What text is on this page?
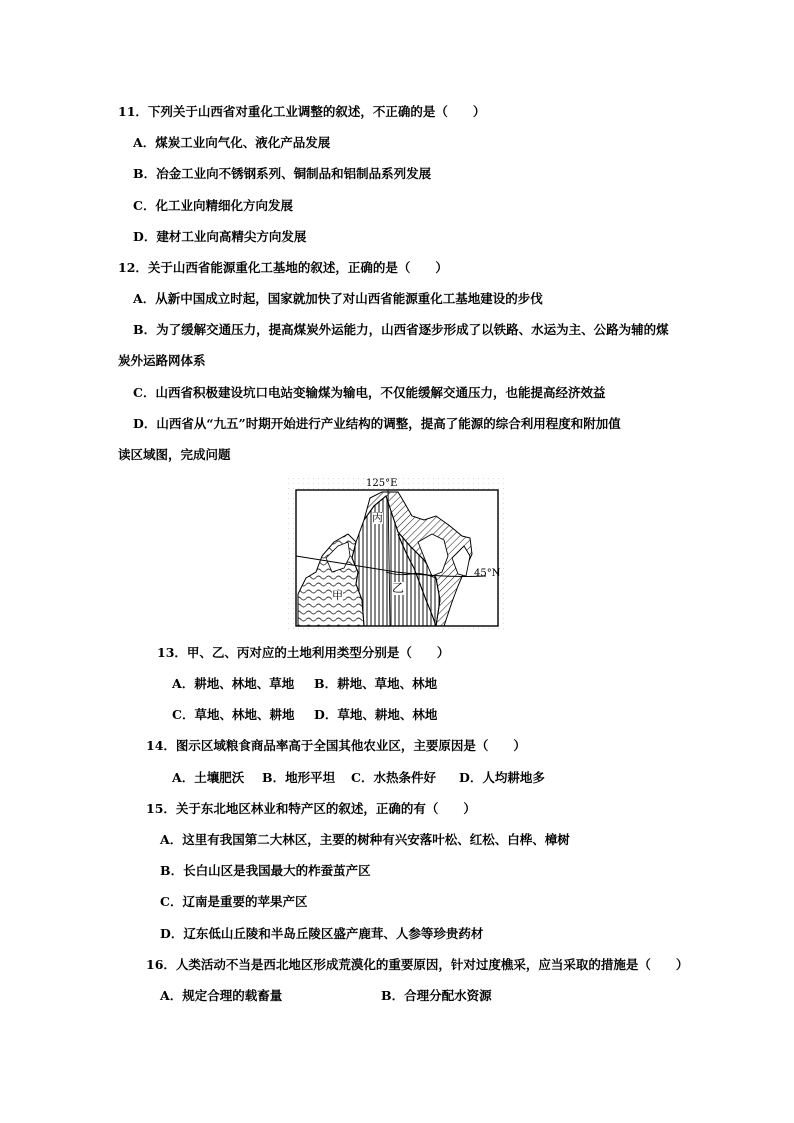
11．下列关于山西省对重化工业调整的叙述，不正确的是（　　）
A．煤炭工业向气化、液化产品发展
B．冶金工业向不锈钢系列、铜制品和铝制品系列发展
C．化工业向精细化方向发展
D．建材工业向高精尖方向发展
12．关于山西省能源重化工基地的叙述，正确的是（　　）
A．从新中国成立时起，国家就加快了对山西省能源重化工基地建设的步伐
B．为了缓解交通压力，提高煤炭外运能力，山西省逐步形成了以铁路、水运为主、公路为辅的煤
炭外运路网体系
C．山西省积极建设坑口电站变输煤为输电，不仅能缓解交通压力，也能提高经济效益
D．山西省从“九五”时期开始进行产业结构的调整，提高了能源的综合利用程度和附加值
读区域图，完成问题
125°E
45°N
丙
甲
乙
13．甲、乙、丙对应的土地利用类型分别是（　　）
A．耕地、林地、草地 B．耕地、草地、林地
C．草地、林地、耕地 D．草地、耕地、林地
14．图示区域粮食商品率高于全国其他农业区，主要原因是（　　）
A．土壤肥沃 B．地形平坦 C．水热条件好 D．人均耕地多
15．关于东北地区林业和特产区的叙述，正确的有（　　）
A．这里有我国第二大林区，主要的树种有兴安落叶松、红松、白桦、樟树
B．长白山区是我国最大的柞蚕茧产区
C．辽南是重要的苹果产区
D．辽东低山丘陵和半岛丘陵区盛产鹿茸、人参等珍贵药材
16．人类活动不当是西北地区形成荒漠化的重要原因，针对过度樵采，应当采取的措施是（　　）
A．规定合理的载畜量	B．合理分配水资源
